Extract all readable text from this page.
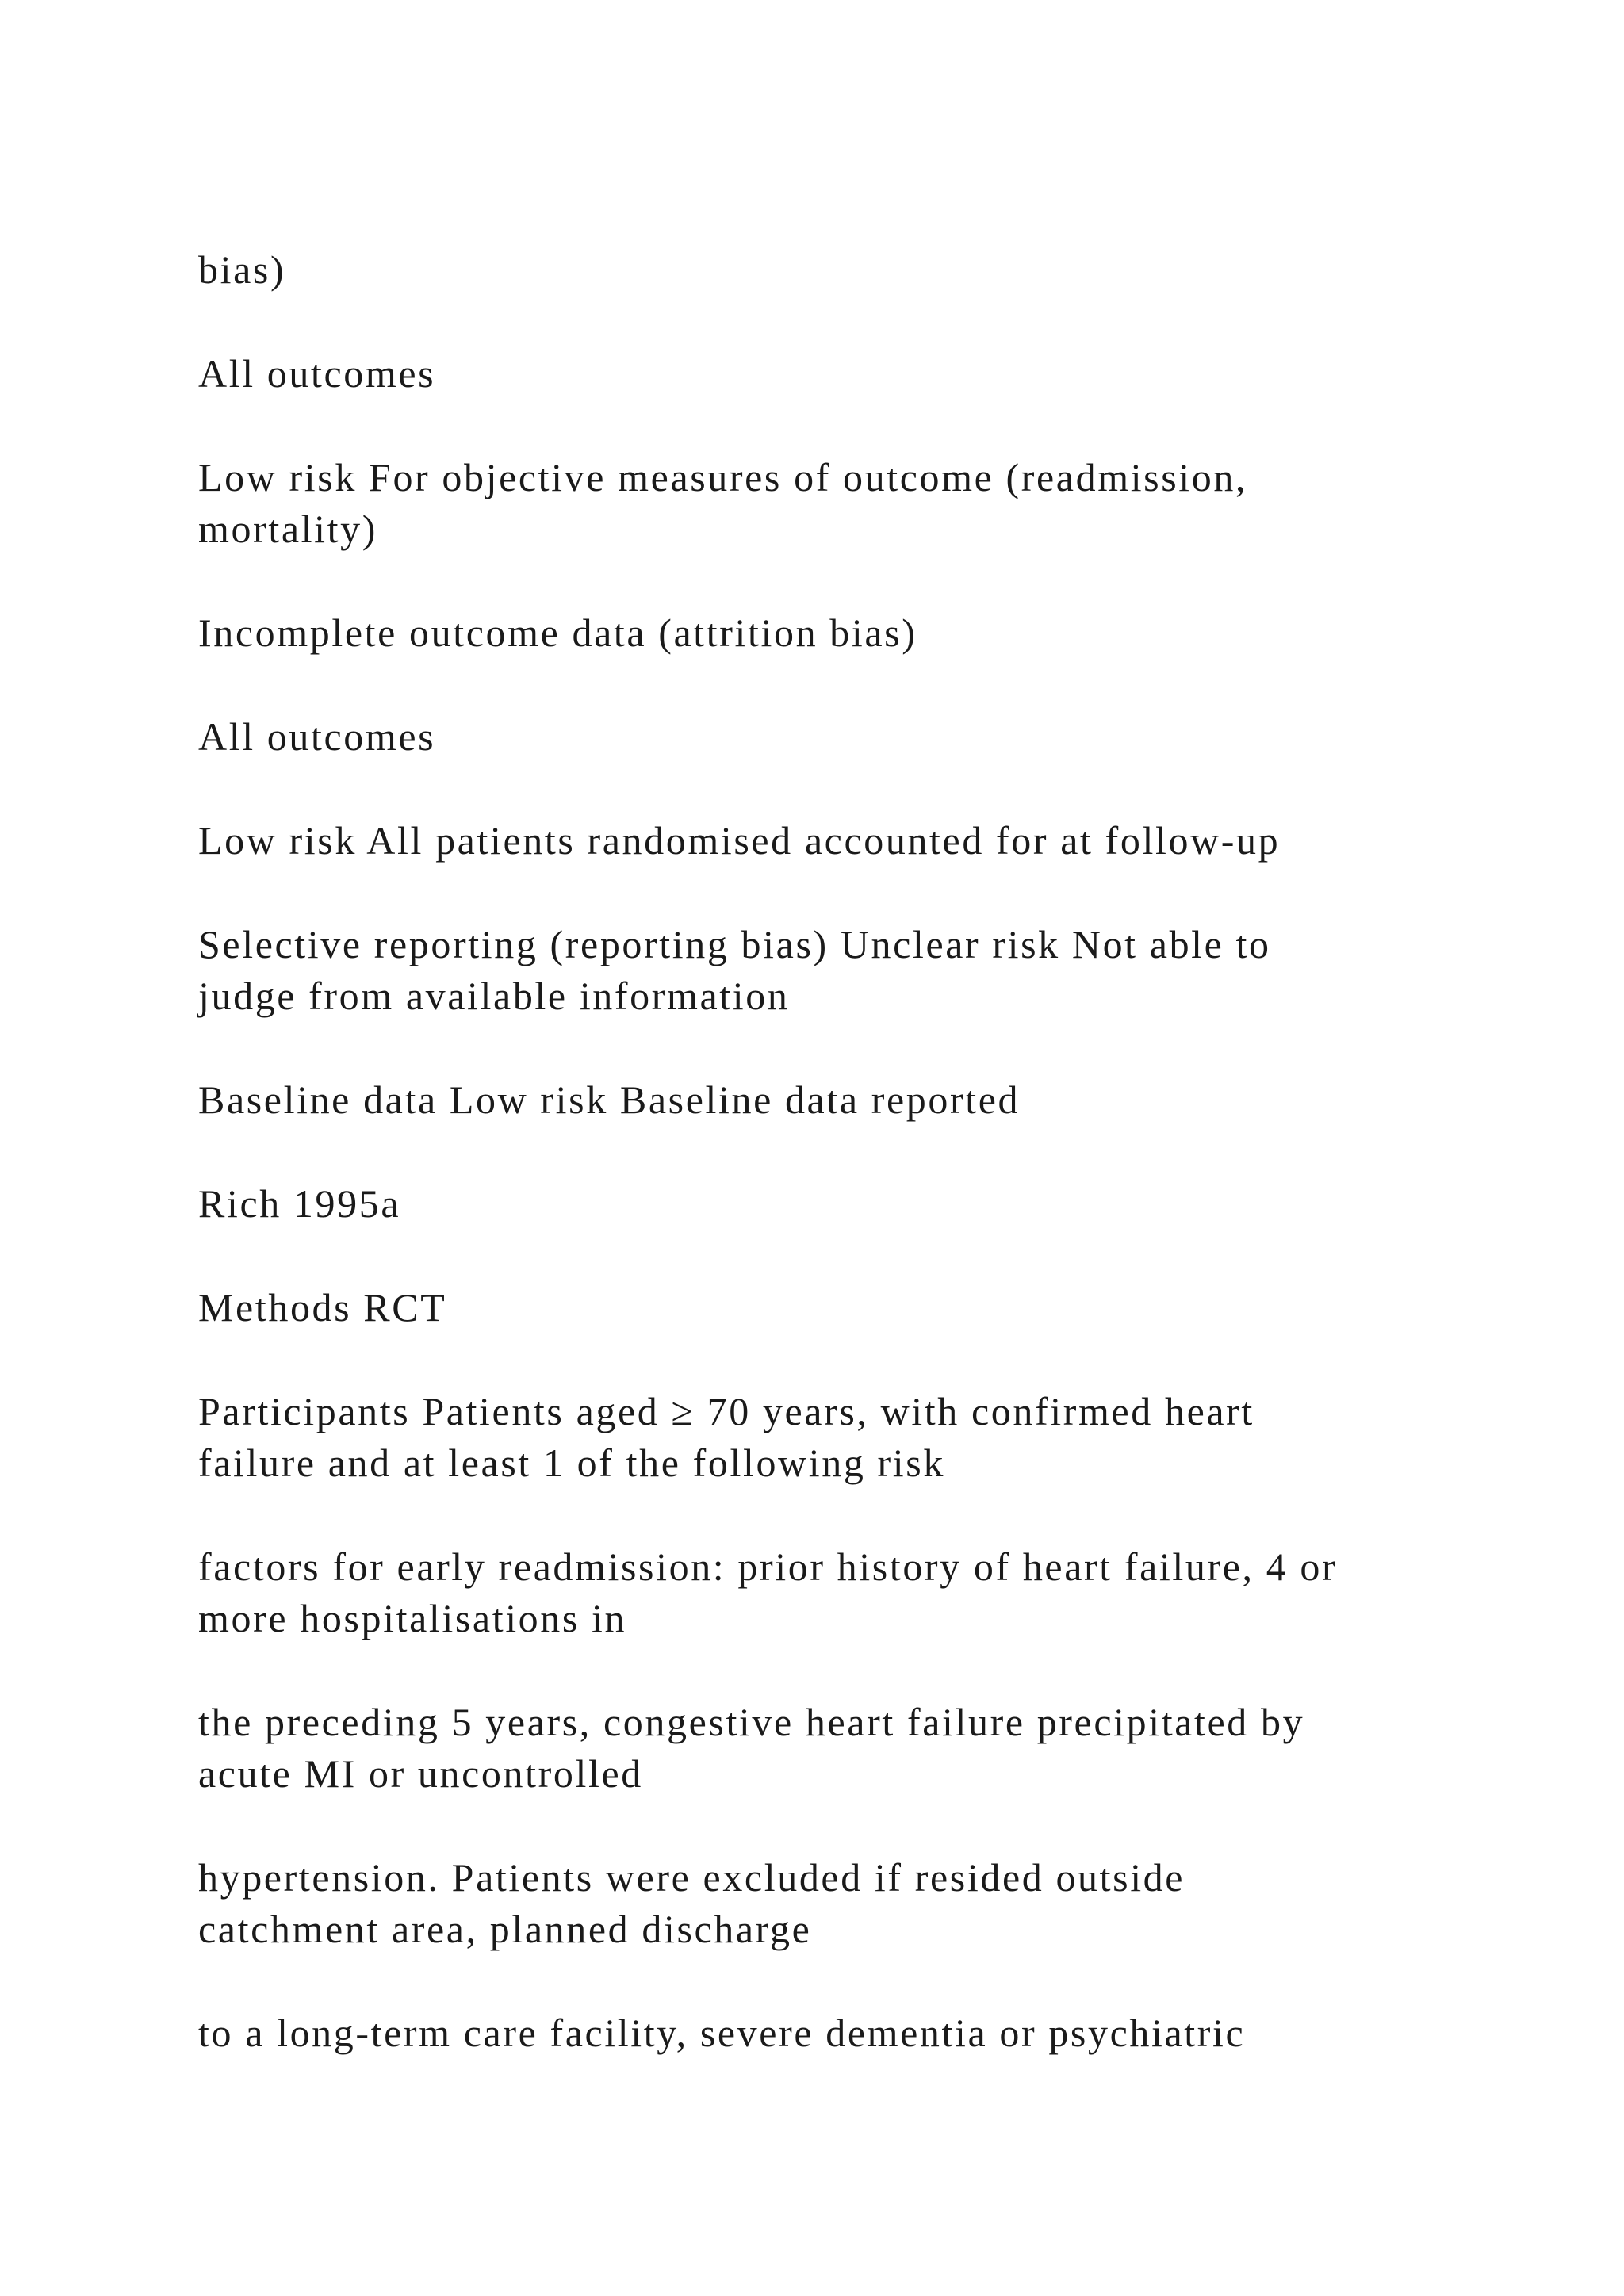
bias)

All outcomes

Low risk For objective measures of outcome (readmission,
mortality)

Incomplete outcome data (attrition bias)

All outcomes

Low risk All patients randomised accounted for at follow-up

Selective reporting (reporting bias) Unclear risk Not able to
judge from available information

Baseline data Low risk Baseline data reported

Rich 1995a

Methods RCT

Participants Patients aged ≥ 70 years, with confirmed heart
failure and at least 1 of the following risk

factors for early readmission: prior history of heart failure, 4 or
more hospitalisations in

the preceding 5 years, congestive heart failure precipitated by
acute MI or uncontrolled

hypertension. Patients were excluded if resided outside
catchment area, planned discharge

to a long-term care facility, severe dementia or psychiatric
